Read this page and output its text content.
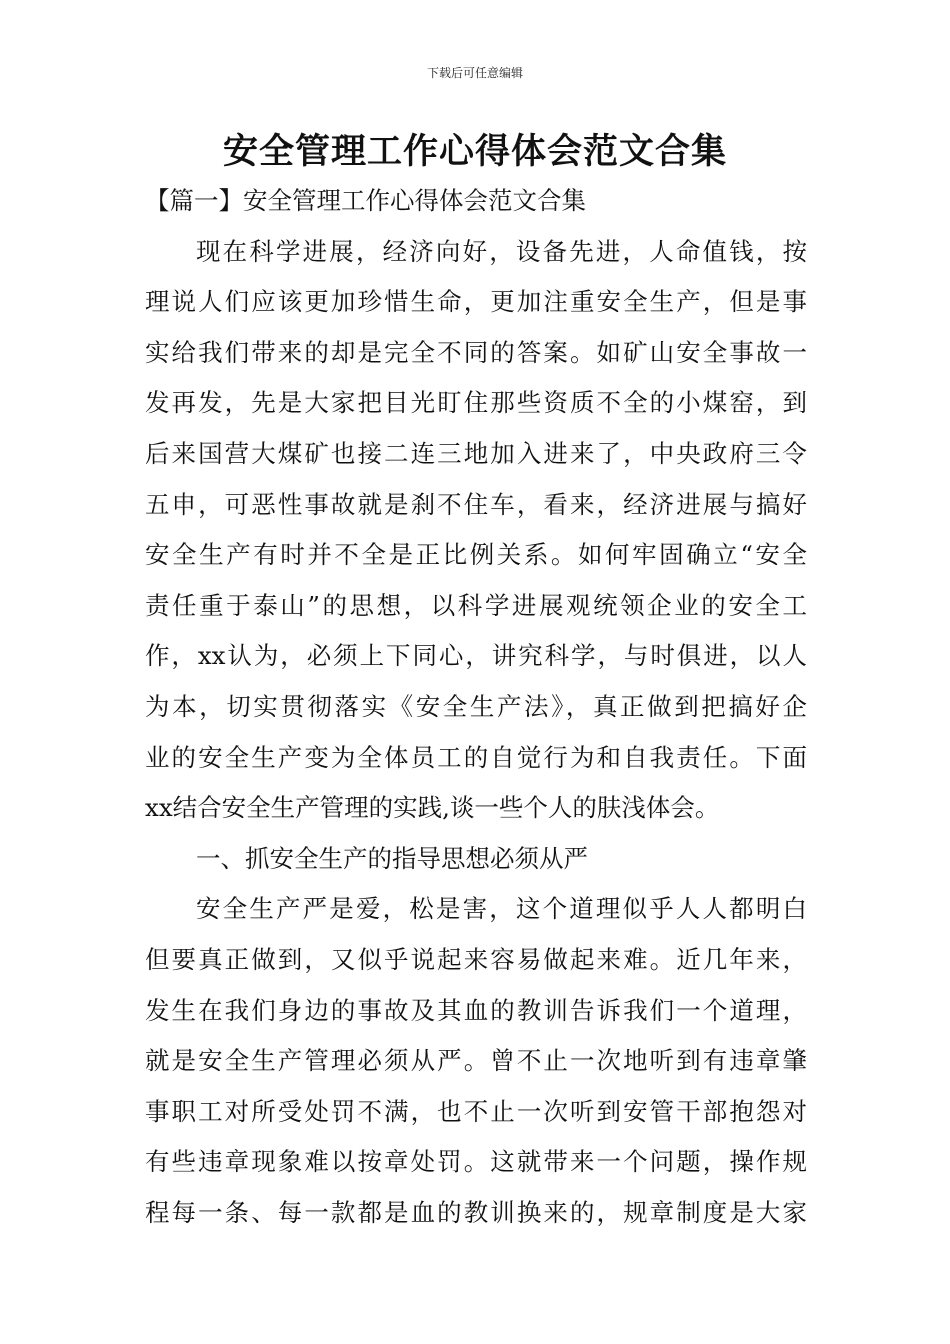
下载后可任意编辑
安全管理工作心得体会范文合集
【篇一】安全管理工作心得体会范文合集
现在科学进展，经济向好，设备先进，人命值钱，按
理说人们应该更加珍惜生命，更加注重安全生产，但是事
实给我们带来的却是完全不同的答案。如矿山安全事故一
发再发，先是大家把目光盯住那些资质不全的小煤窑，到
后来国营大煤矿也接二连三地加入进来了，中央政府三令
五申，可恶性事故就是刹不住车，看来，经济进展与搞好
安全生产有时并不全是正比例关系。如何牢固确立“安全
责任重于泰山”的思想，以科学进展观统领企业的安全工
作，xx认为，必须上下同心，讲究科学，与时俱进，以人
为本，切实贯彻落实《安全生产法》，真正做到把搞好企
业的安全生产变为全体员工的自觉行为和自我责任。下面
xx结合安全生产管理的实践,谈一些个人的肤浅体会。
一、抓安全生产的指导思想必须从严
安全生产严是爱，松是害，这个道理似乎人人都明白
但要真正做到，又似乎说起来容易做起来难。近几年来，
发生在我们身边的事故及其血的教训告诉我们一个道理，
就是安全生产管理必须从严。曾不止一次地听到有违章肇
事职工对所受处罚不满，也不止一次听到安管干部抱怨对
有些违章现象难以按章处罚。这就带来一个问题，操作规
程每一条、每一款都是血的教训换来的，规章制度是大家
